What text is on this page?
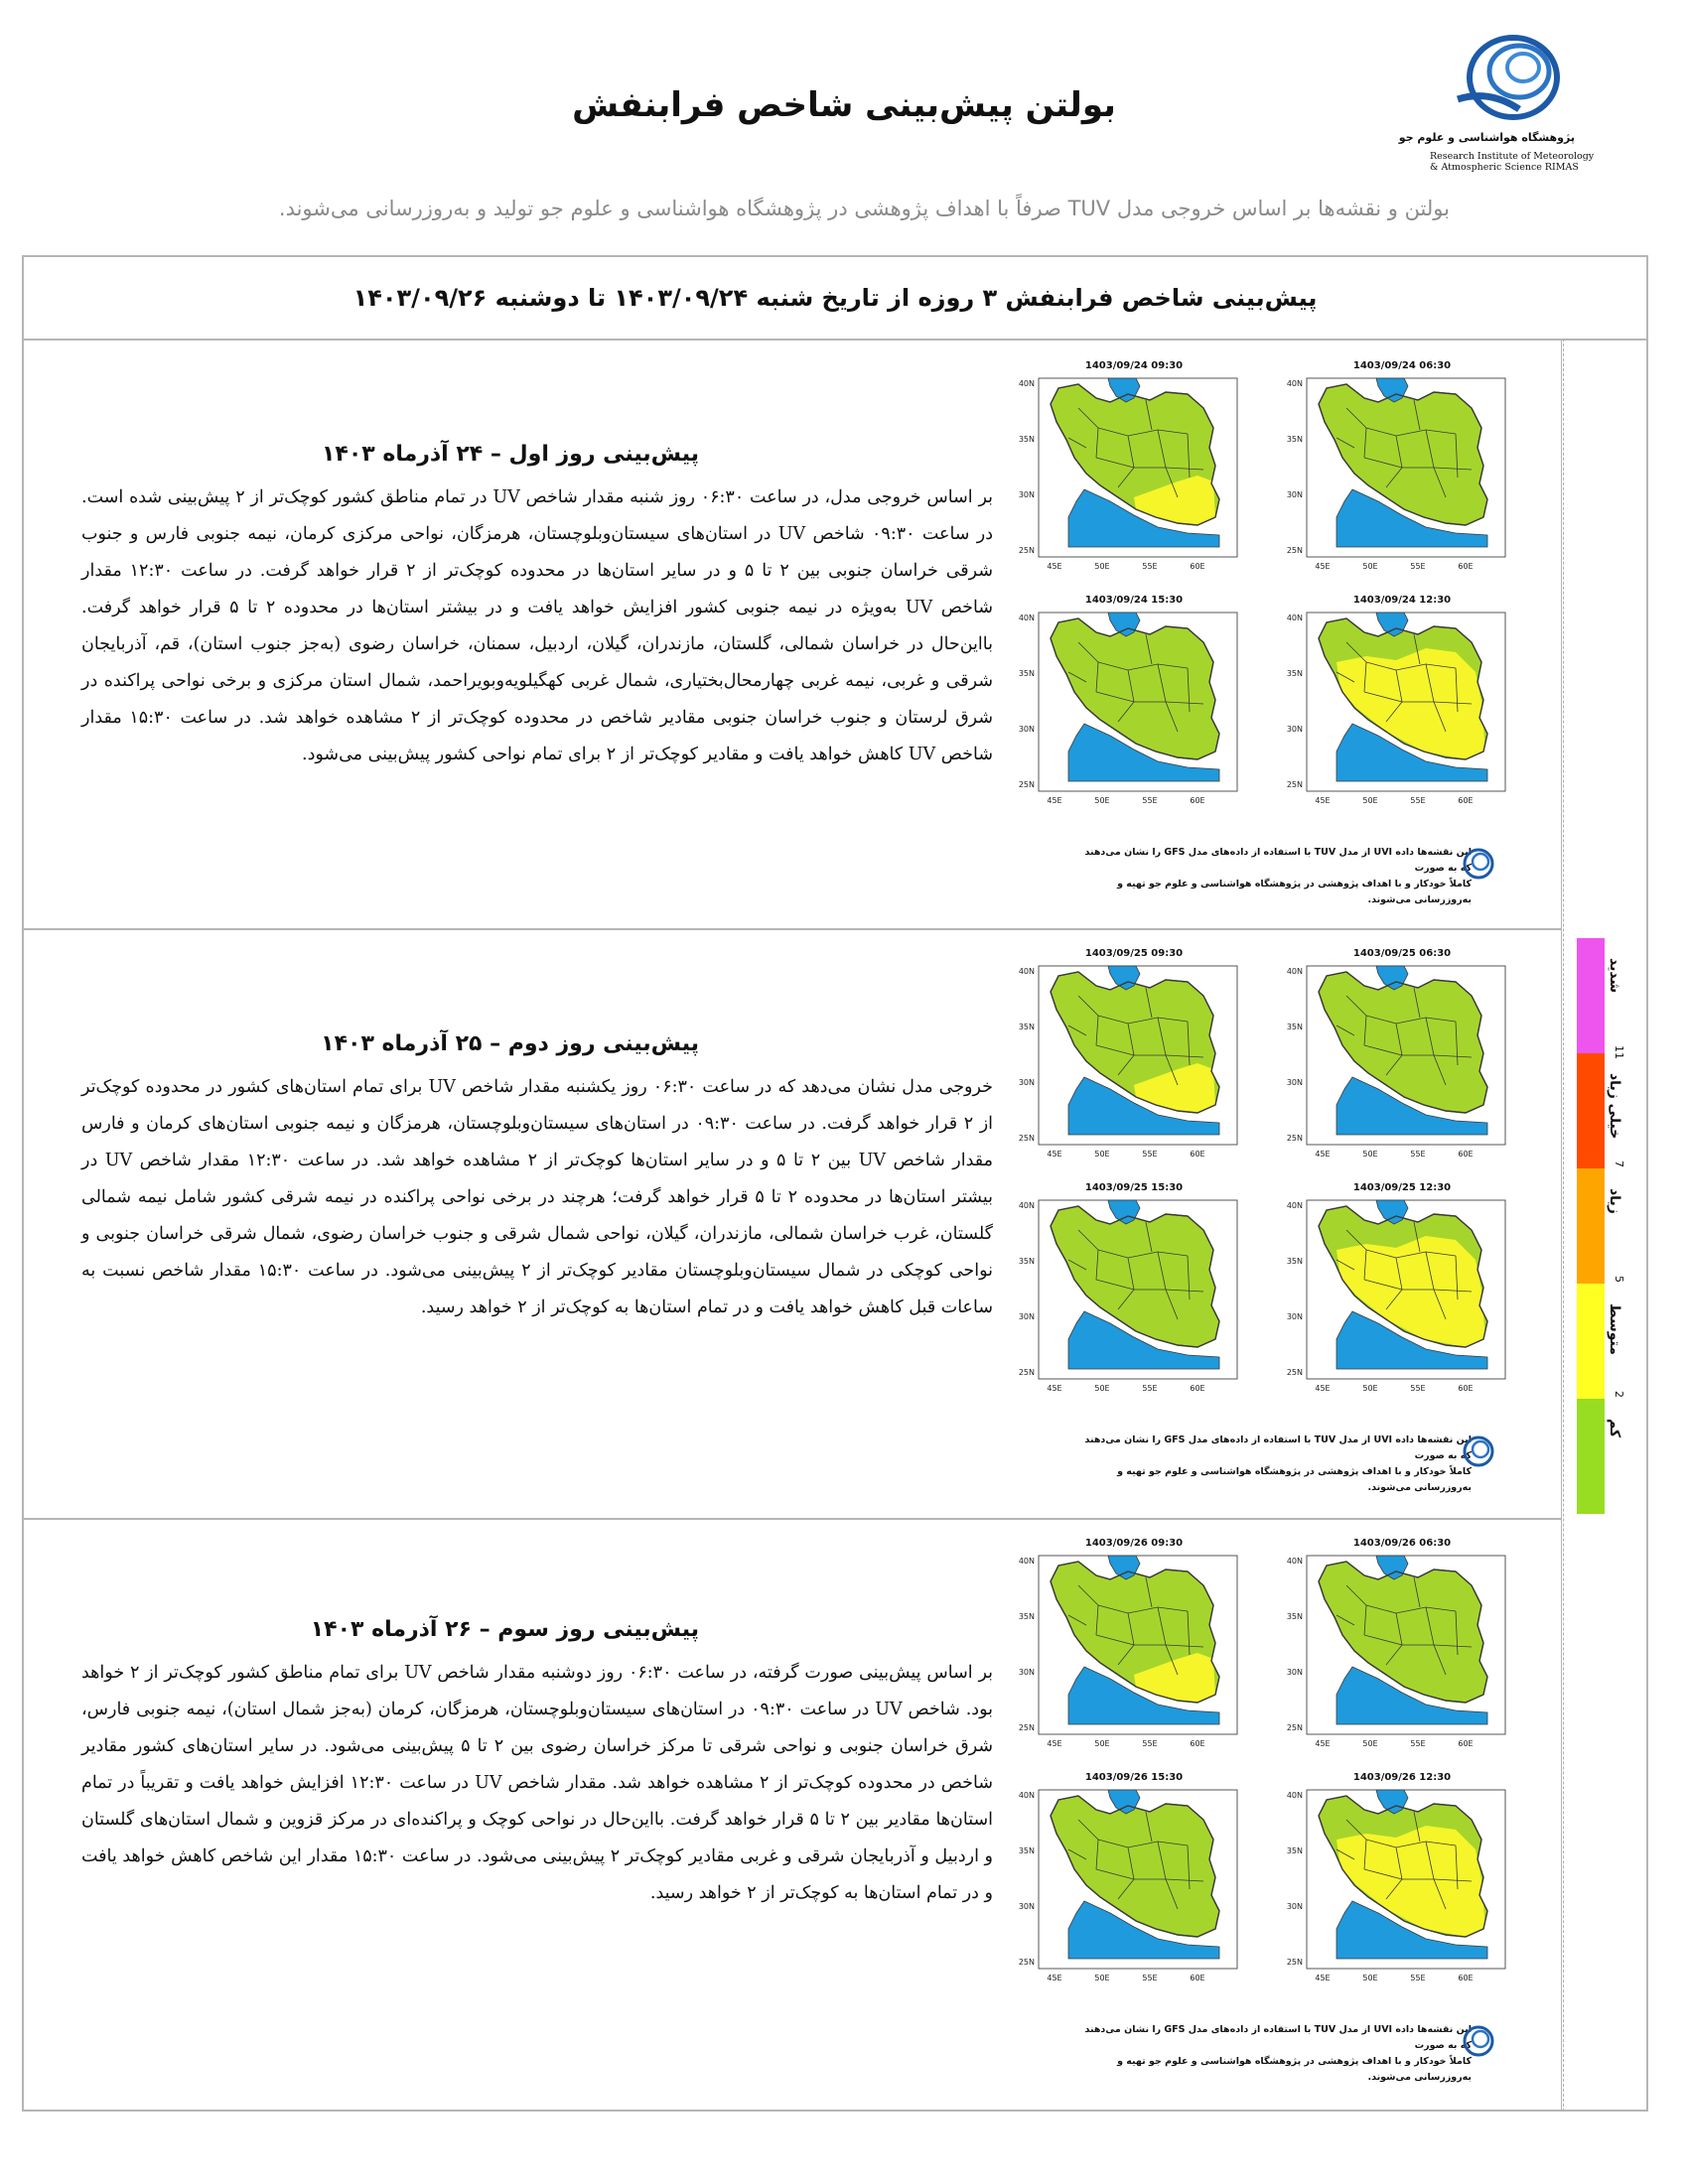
پژوهشگاه هواشناسی و علوم جو
Research Institute of Meteorology
& Atmospheric Science RIMAS
بولتن پیش‌بینی شاخص فرابنفش
بولتن و نقشه‌ها بر اساس خروجی مدل TUV صرفاً با اهداف پژوهشی در پژوهشگاه هواشناسی و علوم جو تولید و به‌روزرسانی می‌شوند.
پیش‌بینی شاخص فرابنفش ۳ روزه از تاریخ شنبه ۱۴۰۳/۰۹/۲۴ تا دوشنبه ۱۴۰۳/۰۹/۲۶
پیش‌بینی روز اول – ۲۴ آذرماه ۱۴۰۳
بر اساس خروجی مدل، در ساعت ۰۶:۳۰ روز شنبه مقدار شاخص UV در تمام مناطق کشور کوچک‌تر از ۲ پیش‌بینی شده است. در ساعت ۰۹:۳۰ شاخص UV در استان‌های سیستان‌وبلوچستان، هرمزگان، نواحی مرکزی کرمان، نیمه جنوبی فارس و جنوب شرقی خراسان جنوبی بین ۲ تا ۵ و در سایر استان‌ها در محدوده کوچک‌تر از ۲ قرار خواهد گرفت. در ساعت ۱۲:۳۰ مقدار شاخص UV به‌ویژه در نیمه جنوبی کشور افزایش خواهد یافت و در بیشتر استان‌ها در محدوده ۲ تا ۵ قرار خواهد گرفت. بااین‌حال در خراسان شمالی، گلستان، مازندران، گیلان، اردبیل، سمنان، خراسان رضوی (به‌جز جنوب استان)، قم، آذربایجان شرقی و غربی، نیمه غربی چهارمحال‌بختیاری، شمال غربی کهگیلویه‌وبویراحمد، شمال استان مرکزی و برخی نواحی پراکنده در شرق لرستان و جنوب خراسان جنوبی مقادیر شاخص در محدوده کوچک‌تر از ۲ مشاهده خواهد شد. در ساعت ۱۵:۳۰ مقدار شاخص UV کاهش خواهد یافت و مقادیر کوچک‌تر از ۲ برای تمام نواحی کشور پیش‌بینی می‌شود.
1403/09/24 09:30
40N
35N
30N
25N
45E	50E	55E	60E
1403/09/24 06:30
40N
35N
30N
25N
45E	50E	55E	60E
1403/09/24 15:30
40N
35N
30N
25N
45E	50E	55E	60E
1403/09/24 12:30
40N
35N
30N
25N
45E	50E	55E	60E
این نقشه‌ها داده UVI از مدل TUV با استفاده از داده‌های مدل GFS را نشان می‌دهند که به صورت
کاملاً خودکار و با اهداف پژوهشی در پژوهشگاه هواشناسی و علوم جو تهیه و به‌روزرسانی می‌شوند.
پیش‌بینی روز دوم – ۲۵ آذرماه ۱۴۰۳
خروجی مدل نشان می‌دهد که در ساعت ۰۶:۳۰ روز یکشنبه مقدار شاخص UV برای تمام استان‌های کشور در محدوده کوچک‌تر از ۲ قرار خواهد گرفت. در ساعت ۰۹:۳۰ در استان‌های سیستان‌وبلوچستان، هرمزگان و نیمه جنوبی استان‌های کرمان و فارس مقدار شاخص UV بین ۲ تا ۵ و در سایر استان‌ها کوچک‌تر از ۲ مشاهده خواهد شد. در ساعت ۱۲:۳۰ مقدار شاخص UV در بیشتر استان‌ها در محدوده ۲ تا ۵ قرار خواهد گرفت؛ هرچند در برخی نواحی پراکنده در نیمه شرقی کشور شامل نیمه شمالی گلستان، غرب خراسان شمالی، مازندران، گیلان، نواحی شمال شرقی و جنوب خراسان رضوی، شمال شرقی خراسان جنوبی و نواحی کوچکی در شمال سیستان‌وبلوچستان مقادیر کوچک‌تر از ۲ پیش‌بینی می‌شود. در ساعت ۱۵:۳۰ مقدار شاخص نسبت به ساعات قبل کاهش خواهد یافت و در تمام استان‌ها به کوچک‌تر از ۲ خواهد رسید.
1403/09/25 09:30
40N
35N
30N
25N
45E	50E	55E	60E
1403/09/25 06:30
40N
35N
30N
25N
45E	50E	55E	60E
1403/09/25 15:30
40N
35N
30N
25N
45E	50E	55E	60E
1403/09/25 12:30
40N
35N
30N
25N
45E	50E	55E	60E
این نقشه‌ها داده UVI از مدل TUV با استفاده از داده‌های مدل GFS را نشان می‌دهند که به صورت
کاملاً خودکار و با اهداف پژوهشی در پژوهشگاه هواشناسی و علوم جو تهیه و به‌روزرسانی می‌شوند.
پیش‌بینی روز سوم – ۲۶ آذرماه ۱۴۰۳
بر اساس پیش‌بینی صورت گرفته، در ساعت ۰۶:۳۰ روز دوشنبه مقدار شاخص UV برای تمام مناطق کشور کوچک‌تر از ۲ خواهد بود. شاخص UV در ساعت ۰۹:۳۰ در استان‌های سیستان‌وبلوچستان، هرمزگان، کرمان (به‌جز شمال استان)، نیمه جنوبی فارس، شرق خراسان جنوبی و نواحی شرقی تا مرکز خراسان رضوی بین ۲ تا ۵ پیش‌بینی می‌شود. در سایر استان‌های کشور مقادیر شاخص در محدوده کوچک‌تر از ۲ مشاهده خواهد شد. مقدار شاخص UV در ساعت ۱۲:۳۰ افزایش خواهد یافت و تقریباً در تمام استان‌ها مقادیر بین ۲ تا ۵ قرار خواهد گرفت. بااین‌حال در نواحی کوچک و پراکنده‌ای در مرکز قزوین و شمال استان‌های گلستان و اردبیل و آذربایجان شرقی و غربی مقادیر کوچک‌تر ۲ پیش‌بینی می‌شود. در ساعت ۱۵:۳۰ مقدار این شاخص کاهش خواهد یافت و در تمام استان‌ها به کوچک‌تر از ۲ خواهد رسید.
1403/09/26 09:30
40N
35N
30N
25N
45E	50E	55E	60E
1403/09/26 06:30
40N
35N
30N
25N
45E	50E	55E	60E
1403/09/26 15:30
40N
35N
30N
25N
45E	50E	55E	60E
1403/09/26 12:30
40N
35N
30N
25N
45E	50E	55E	60E
این نقشه‌ها داده UVI از مدل TUV با استفاده از داده‌های مدل GFS را نشان می‌دهند که به صورت
کاملاً خودکار و با اهداف پژوهشی در پژوهشگاه هواشناسی و علوم جو تهیه و به‌روزرسانی می‌شوند.
شدید
خیلی زیاد
زیاد
متوسط
کم
11
7
5
2
